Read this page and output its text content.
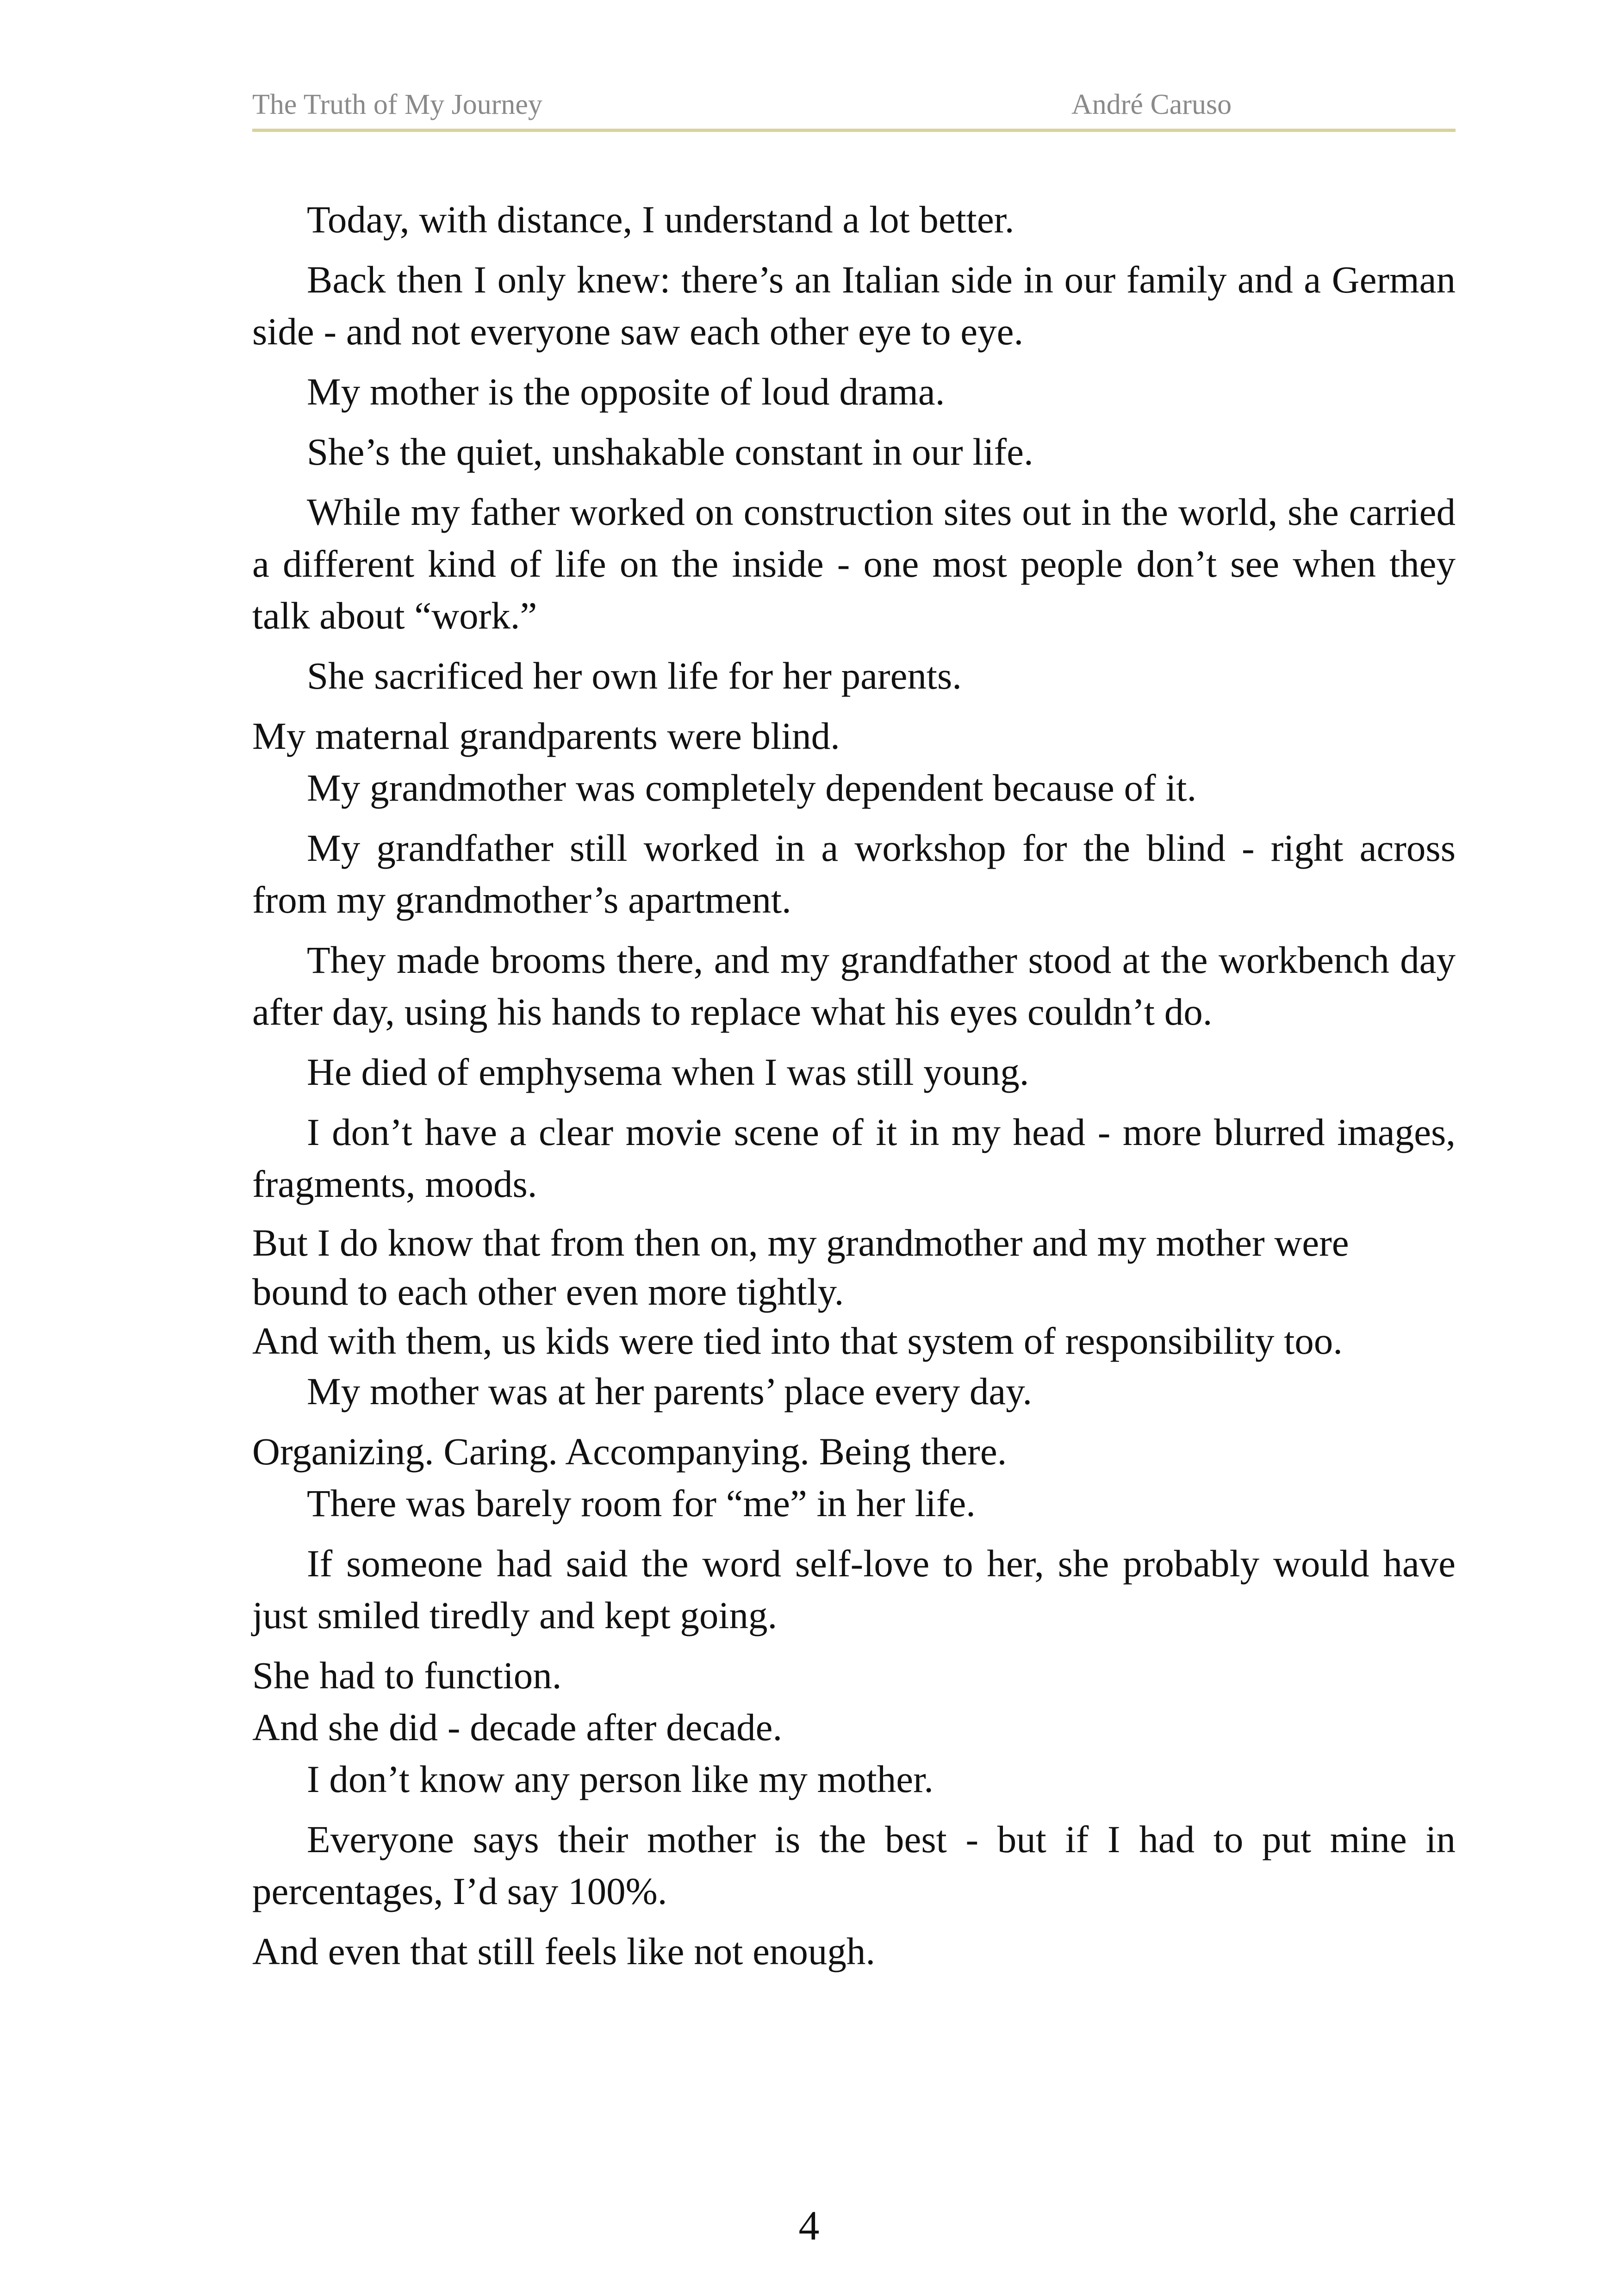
The Truth of My Journey	André Caruso

Today, with distance, I understand a lot better.

Back then I only knew: there’s an Italian side in our family and a German side - and not everyone saw each other eye to eye.

My mother is the opposite of loud drama.

She’s the quiet, unshakable constant in our life.

While my father worked on construction sites out in the world, she carried a different kind of life on the inside - one most people don’t see when they talk about “work.”

She sacrificed her own life for her parents.

My maternal grandparents were blind.

My grandmother was completely dependent because of it.

My grandfather still worked in a workshop for the blind - right across from my grandmother’s apartment.

They made brooms there, and my grandfather stood at the workbench day after day, using his hands to replace what his eyes couldn’t do.

He died of emphysema when I was still young.

I don’t have a clear movie scene of it in my head - more blurred images, fragments, moods.

But I do know that from then on, my grandmother and my mother were bound to each other even more tightly.

And with them, us kids were tied into that system of responsibility too.

My mother was at her parents’ place every day.

Organizing. Caring. Accompanying. Being there.

There was barely room for “me” in her life.

If someone had said the word self-love to her, she probably would have just smiled tiredly and kept going.

She had to function.

And she did - decade after decade.

I don’t know any person like my mother.

Everyone says their mother is the best - but if I had to put mine in percentages, I’d say 100%.

And even that still feels like not enough.

4
